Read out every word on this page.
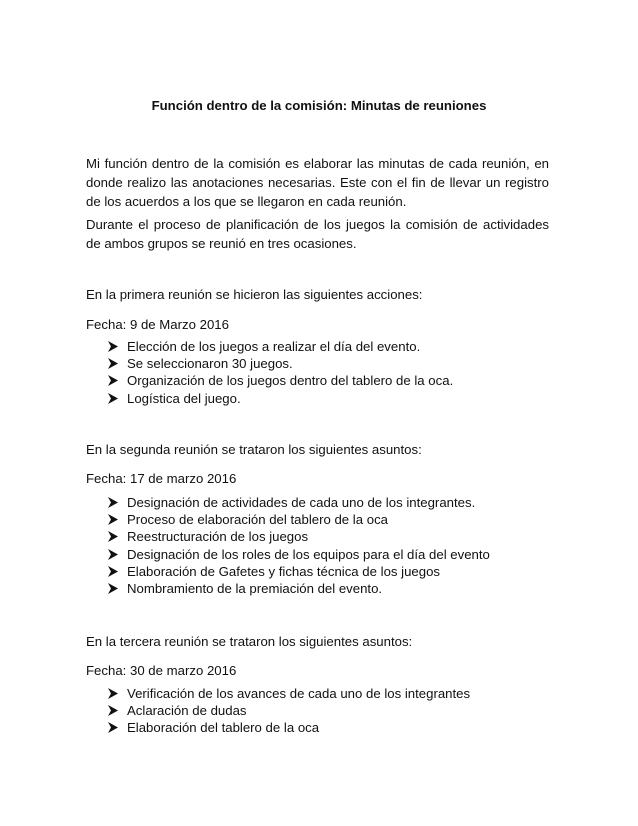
Función dentro de la comisión: Minutas de reuniones

Mi función dentro de la comisión es elaborar las minutas de cada reunión, en donde realizo las anotaciones necesarias. Este con el fin de llevar un registro de los acuerdos a los que se llegaron en cada reunión.

Durante el proceso de planificación de los juegos la comisión de actividades de ambos grupos se reunió en tres ocasiones.

En la primera reunión se hicieron las siguientes acciones:

Fecha: 9 de Marzo 2016

Elección de los juegos a realizar el día del evento.
Se seleccionaron 30 juegos.
Organización de los juegos dentro del tablero de la oca.
Logística del juego.

En la segunda reunión se trataron los siguientes asuntos:

Fecha: 17 de marzo 2016

Designación de actividades de cada uno de los integrantes.
Proceso de elaboración del tablero de la oca
Reestructuración de los juegos
Designación de los roles de los equipos para el día del evento
Elaboración de Gafetes y fichas técnica de los juegos
Nombramiento de la premiación del evento.

En la tercera reunión se trataron los siguientes asuntos:

Fecha: 30 de marzo 2016

Verificación de los avances de cada uno de los integrantes
Aclaración de dudas
Elaboración del tablero de la oca
